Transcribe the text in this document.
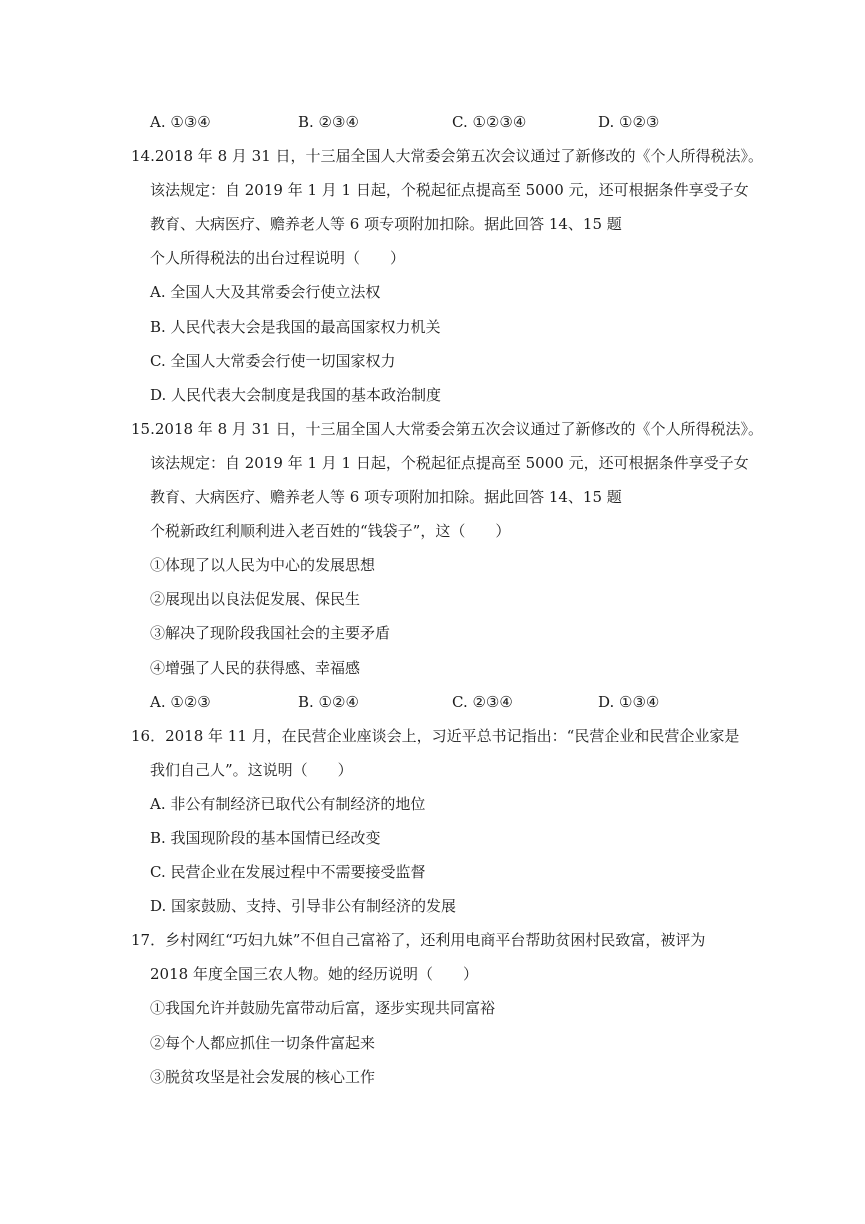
A. ①③④	B. ②③④	C. ①②③④	D. ①②③
14.2018 年 8 月 31 日，十三届全国人大常委会第五次会议通过了新修改的《个人所得税法》。
该法规定：自 2019 年 1 月 1 日起，个税起征点提高至 5000 元，还可根据条件享受子女
教育、大病医疗、赡养老人等 6 项专项附加扣除。据此回答 14、15 题
个人所得税法的出台过程说明（　　）
A. 全国人大及其常委会行使立法权
B. 人民代表大会是我国的最高国家权力机关
C. 全国人大常委会行使一切国家权力
D. 人民代表大会制度是我国的基本政治制度
15.2018 年 8 月 31 日，十三届全国人大常委会第五次会议通过了新修改的《个人所得税法》。
该法规定：自 2019 年 1 月 1 日起，个税起征点提高至 5000 元，还可根据条件享受子女
教育、大病医疗、赡养老人等 6 项专项附加扣除。据此回答 14、15 题
个税新政红利顺利进入老百姓的“钱袋子”，这（　　）
①体现了以人民为中心的发展思想
②展现出以良法促发展、保民生
③解决了现阶段我国社会的主要矛盾
④增强了人民的获得感、幸福感
A. ①②③	B. ①②④	C. ②③④	D. ①③④
16．2018 年 11 月，在民营企业座谈会上，习近平总书记指出：“民营企业和民营企业家是
我们自己人”。这说明（　　）
A. 非公有制经济已取代公有制经济的地位
B. 我国现阶段的基本国情已经改变
C. 民营企业在发展过程中不需要接受监督
D. 国家鼓励、支持、引导非公有制经济的发展
17．乡村网红“巧妇九妹”不但自己富裕了，还利用电商平台帮助贫困村民致富，被评为
2018 年度全国三农人物。她的经历说明（　　）
①我国允许并鼓励先富带动后富，逐步实现共同富裕
②每个人都应抓住一切条件富起来
③脱贫攻坚是社会发展的核心工作
